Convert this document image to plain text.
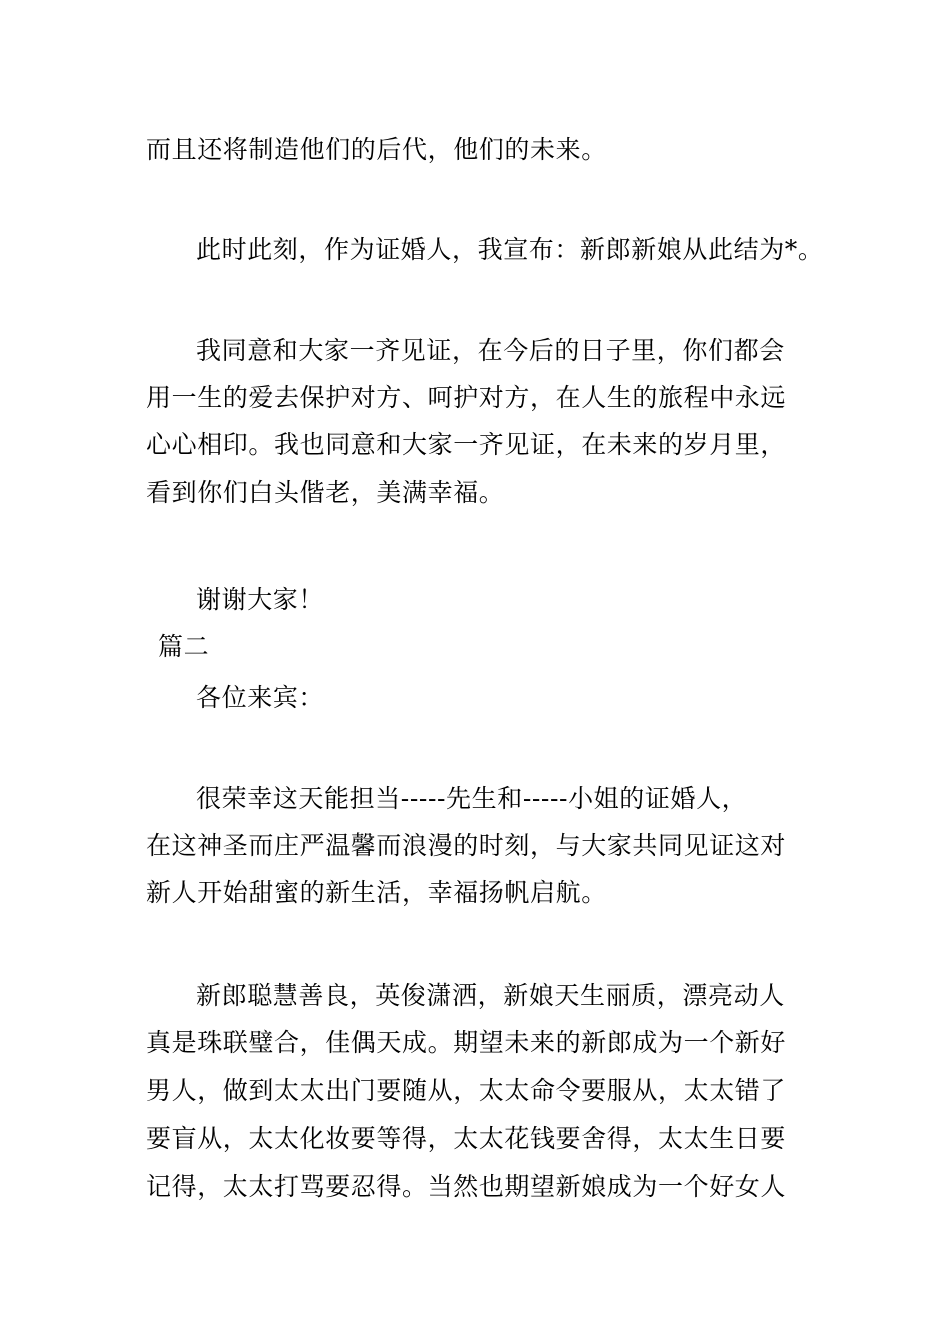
而且还将制造他们的后代，他们的未来。
此时此刻，作为证婚人，我宣布：新郎新娘从此结为*。
我同意和大家一齐见证，在今后的日子里，你们都会
用一生的爱去保护对方、呵护对方，在人生的旅程中永远
心心相印。我也同意和大家一齐见证，在未来的岁月里，
看到你们白头偕老，美满幸福。
谢谢大家！
篇二
各位来宾：
很荣幸这天能担当-----先生和-----小姐的证婚人，
在这神圣而庄严温馨而浪漫的时刻，与大家共同见证这对
新人开始甜蜜的新生活，幸福扬帆启航。
新郎聪慧善良，英俊潇洒，新娘天生丽质，漂亮动人
真是珠联璧合，佳偶天成。期望未来的新郎成为一个新好
男人，做到太太出门要随从，太太命令要服从，太太错了
要盲从，太太化妆要等得，太太花钱要舍得，太太生日要
记得，太太打骂要忍得。当然也期望新娘成为一个好女人
